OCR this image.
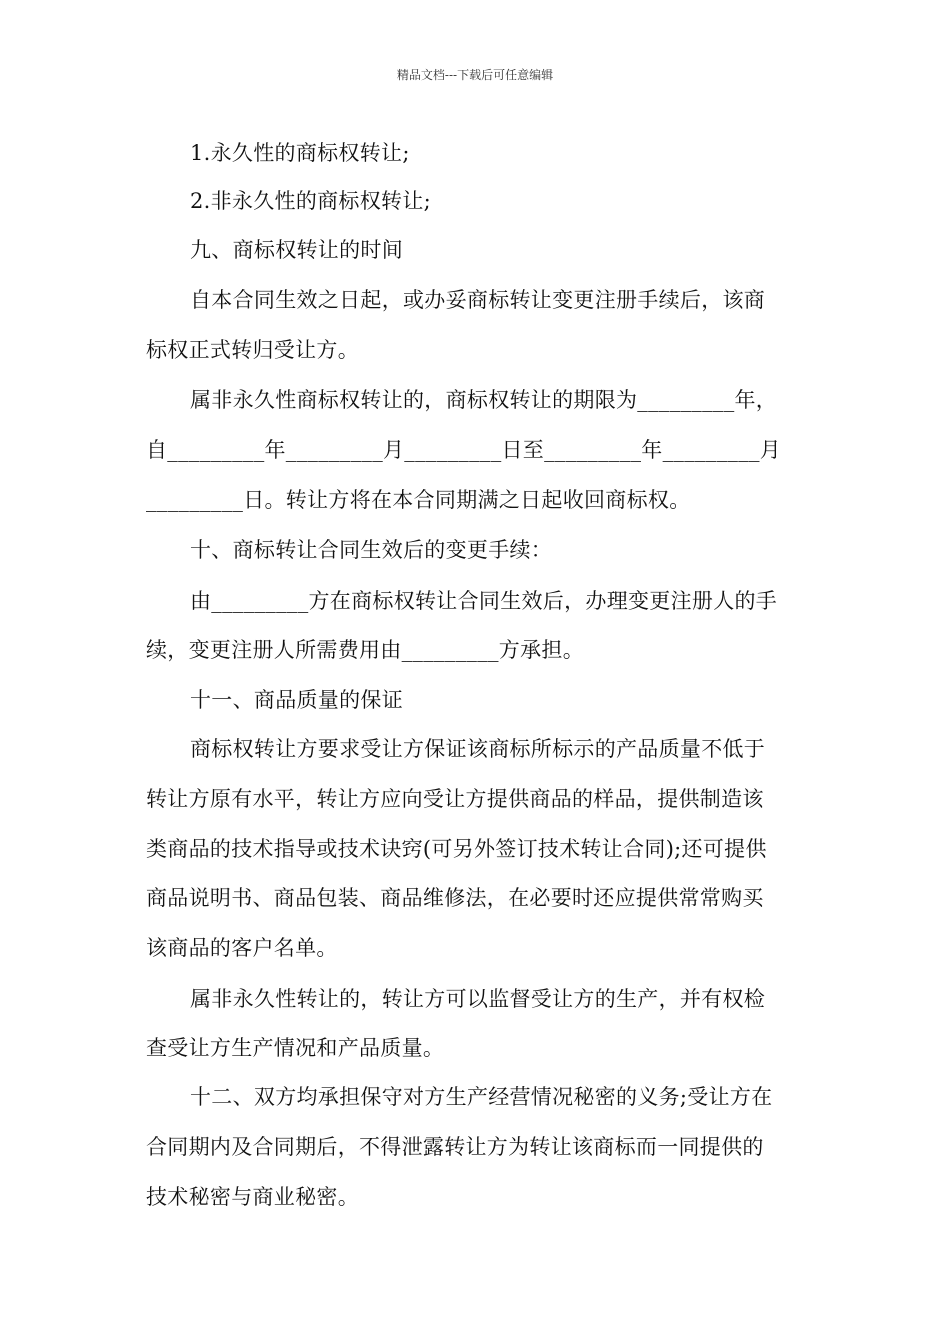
精品文档---下载后可任意编辑
1.永久性的商标权转让;
2.非永久性的商标权转让;
九、商标权转让的时间
自本合同生效之日起，或办妥商标转让变更注册手续后，该商
标权正式转归受让方。
属非永久性商标权转让的，商标权转让的期限为_________年，
自_________年_________月_________日至_________年_________月
_________日。转让方将在本合同期满之日起收回商标权。
十、商标转让合同生效后的变更手续：
由_________方在商标权转让合同生效后，办理变更注册人的手
续，变更注册人所需费用由_________方承担。
十一、商品质量的保证
商标权转让方要求受让方保证该商标所标示的产品质量不低于
转让方原有水平，转让方应向受让方提供商品的样品，提供制造该
类商品的技术指导或技术诀窍(可另外签订技术转让合同);还可提供
商品说明书、商品包装、商品维修法，在必要时还应提供常常购买
该商品的客户名单。
属非永久性转让的，转让方可以监督受让方的生产，并有权检
查受让方生产情况和产品质量。
十二、双方均承担保守对方生产经营情况秘密的义务;受让方在
合同期内及合同期后，不得泄露转让方为转让该商标而一同提供的
技术秘密与商业秘密。
